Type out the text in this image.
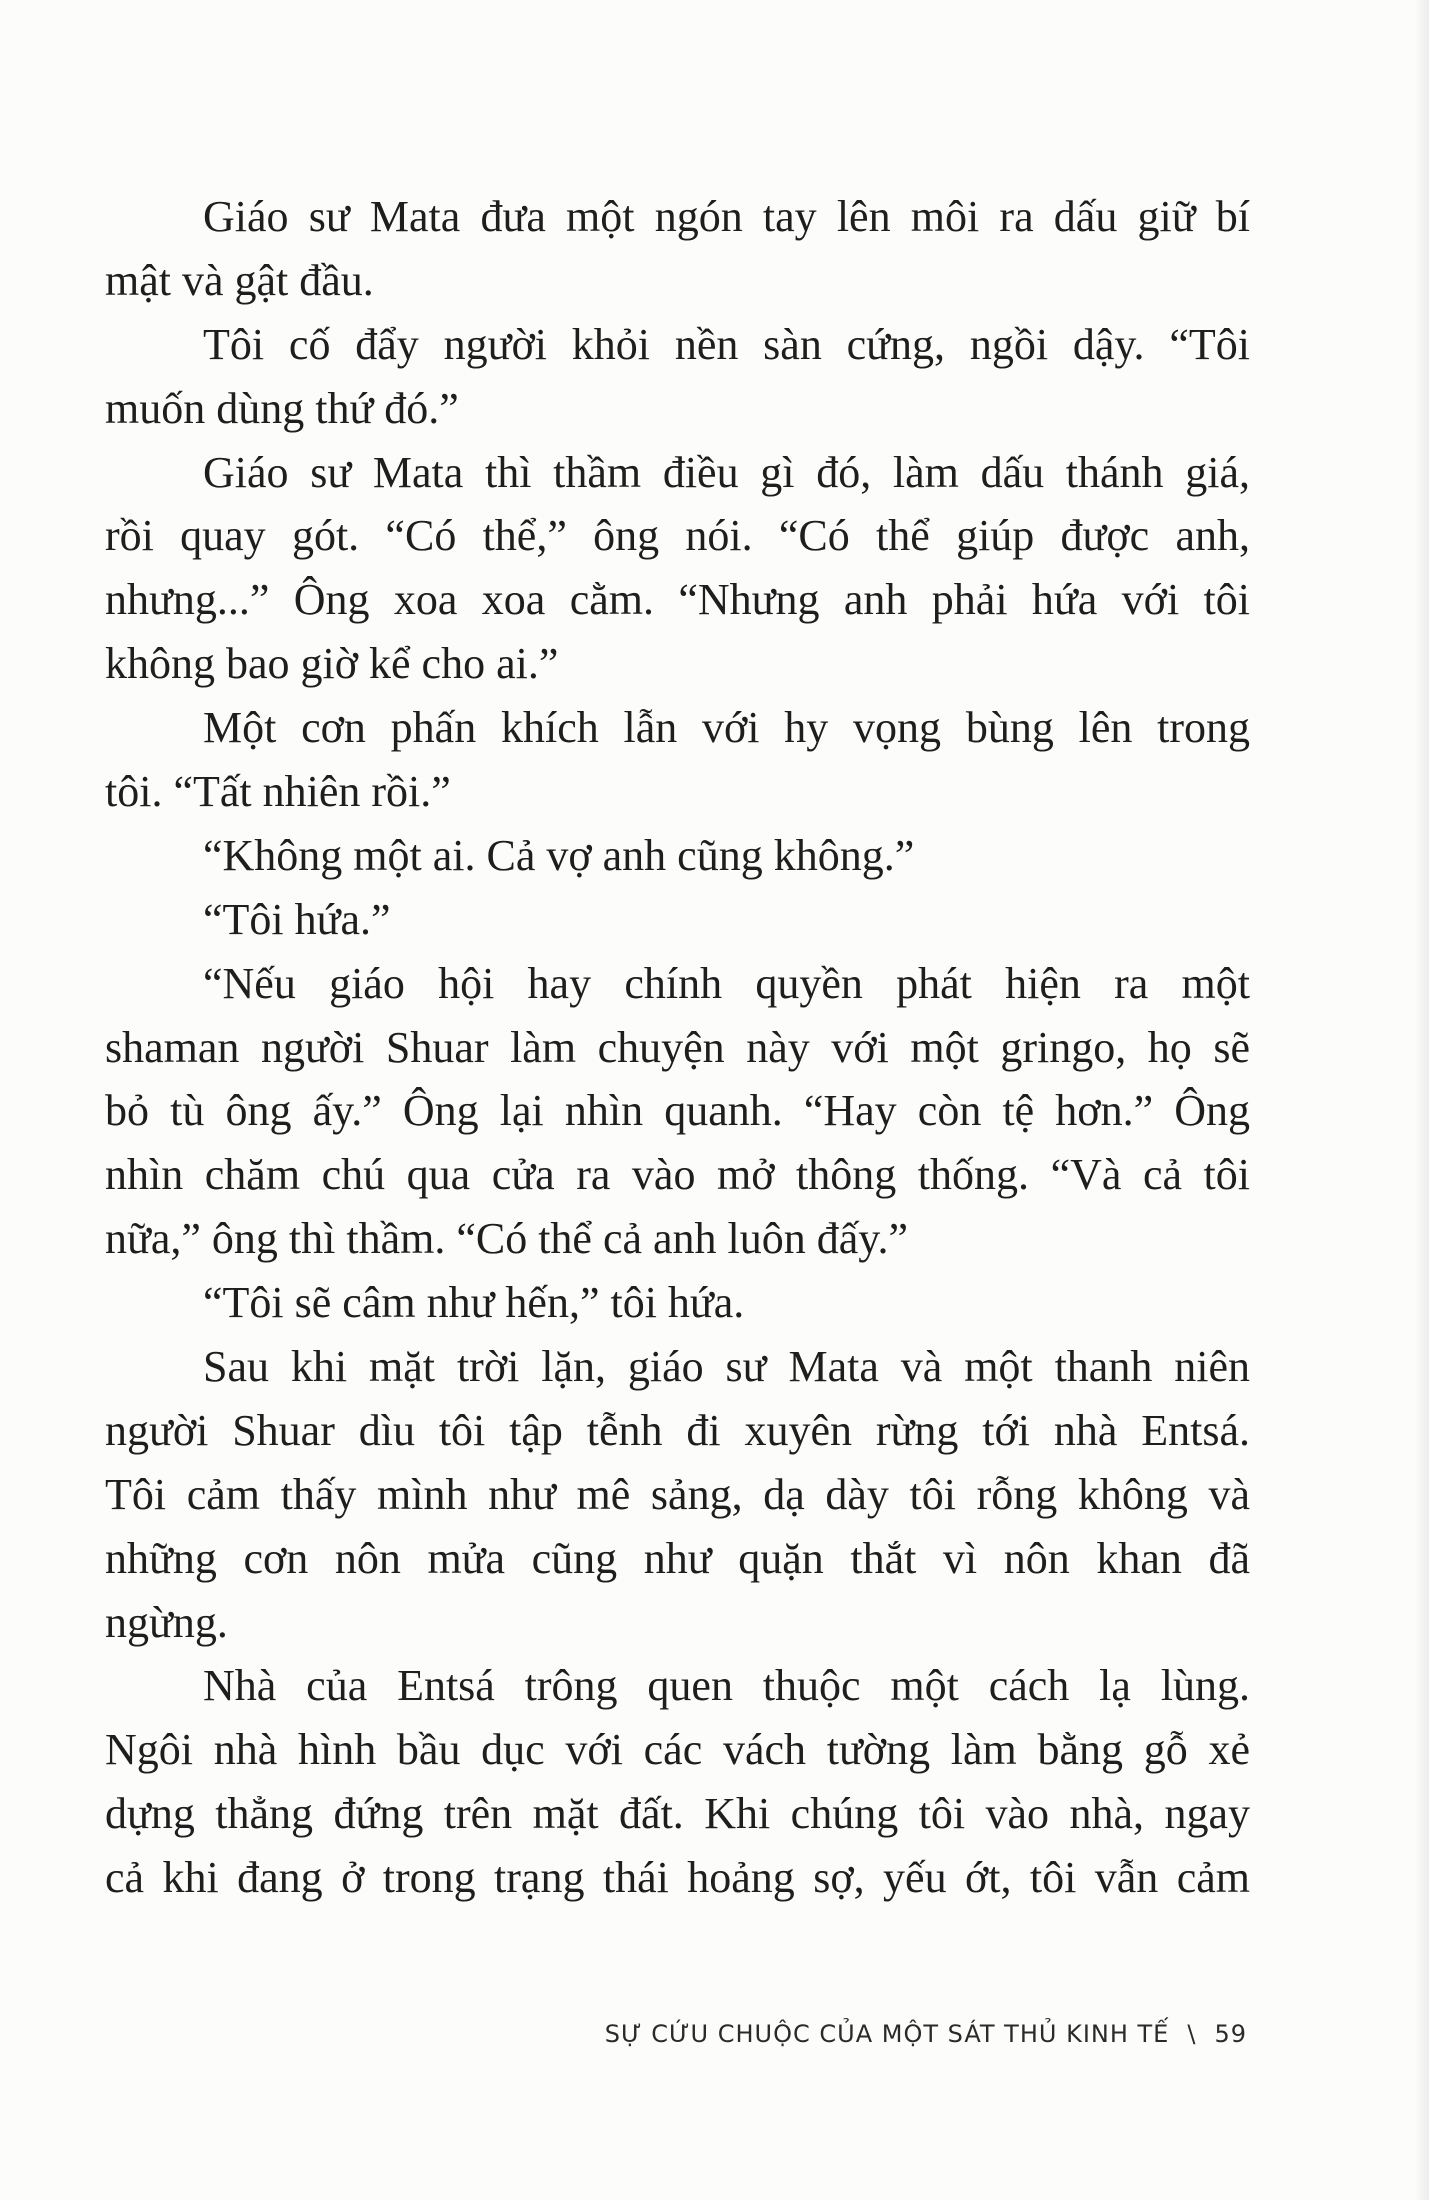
Giáo sư Mata đưa một ngón tay lên môi ra dấu giữ bí
mật và gật đầu.
Tôi cố đẩy người khỏi nền sàn cứng, ngồi dậy. “Tôi
muốn dùng thứ đó.”
Giáo sư Mata thì thầm điều gì đó, làm dấu thánh giá,
rồi quay gót. “Có thể,” ông nói. “Có thể giúp được anh,
nhưng...” Ông xoa xoa cằm. “Nhưng anh phải hứa với tôi
không bao giờ kể cho ai.”
Một cơn phấn khích lẫn với hy vọng bùng lên trong
tôi. “Tất nhiên rồi.”
“Không một ai. Cả vợ anh cũng không.”
“Tôi hứa.”
“Nếu giáo hội hay chính quyền phát hiện ra một
shaman người Shuar làm chuyện này với một gringo, họ sẽ
bỏ tù ông ấy.” Ông lại nhìn quanh. “Hay còn tệ hơn.” Ông
nhìn chăm chú qua cửa ra vào mở thông thống. “Và cả tôi
nữa,” ông thì thầm. “Có thể cả anh luôn đấy.”
“Tôi sẽ câm như hến,” tôi hứa.
Sau khi mặt trời lặn, giáo sư Mata và một thanh niên
người Shuar dìu tôi tập tễnh đi xuyên rừng tới nhà Entsá.
Tôi cảm thấy mình như mê sảng, dạ dày tôi rỗng không và
những cơn nôn mửa cũng như quặn thắt vì nôn khan đã
ngừng.
Nhà của Entsá trông quen thuộc một cách lạ lùng.
Ngôi nhà hình bầu dục với các vách tường làm bằng gỗ xẻ
dựng thẳng đứng trên mặt đất. Khi chúng tôi vào nhà, ngay
cả khi đang ở trong trạng thái hoảng sợ, yếu ớt, tôi vẫn cảm
SỰ CỨU CHUỘC CỦA MỘT SÁT THỦ KINH TẾ \ 59
